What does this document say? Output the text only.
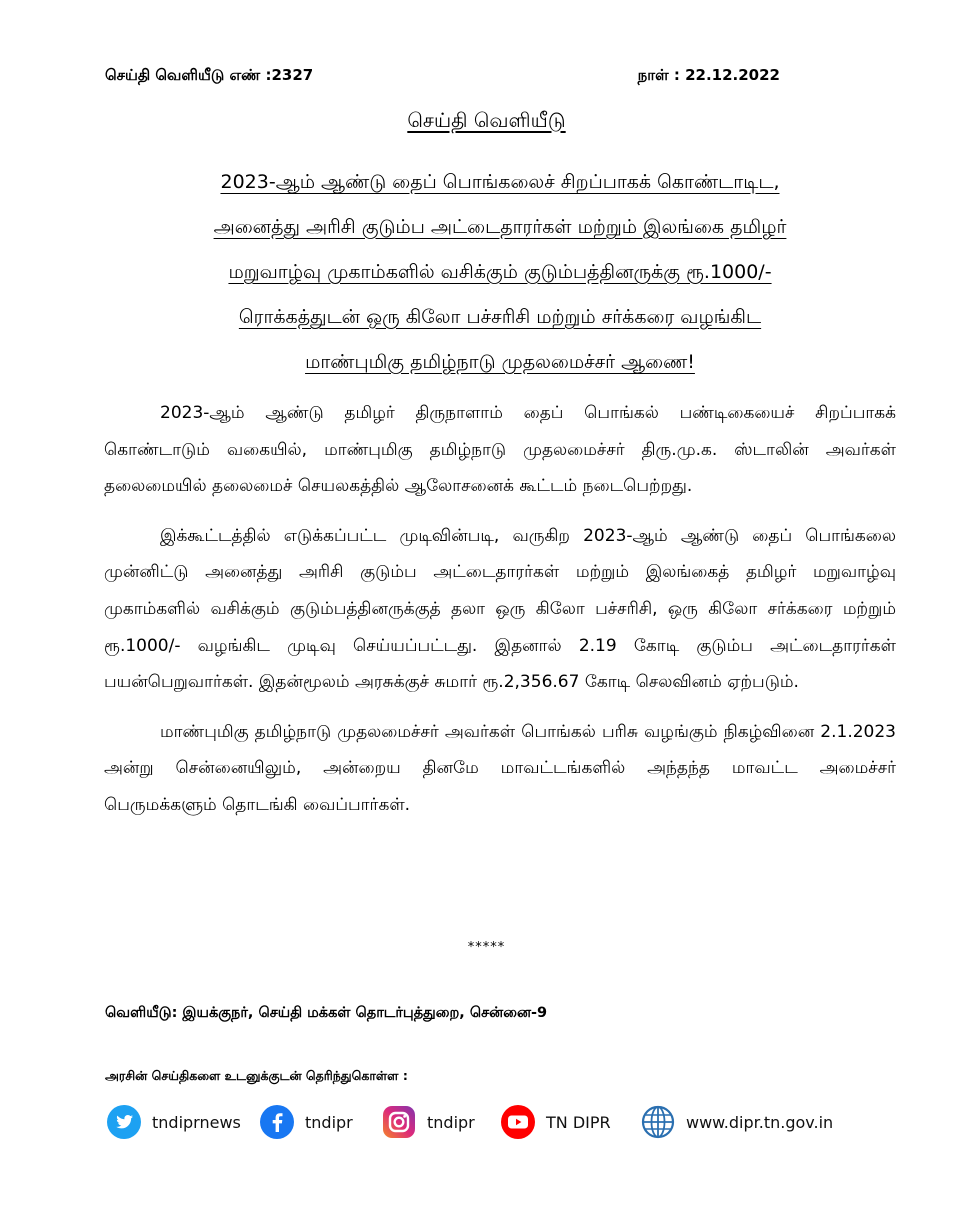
செய்தி வெளியீடு எண் :2327	நாள் : 22.12.2022
செய்தி வெளியீடு
2023-ஆம் ஆண்டு தைப் பொங்கலைச் சிறப்பாகக் கொண்டாடிட,
அனைத்து அரிசி குடும்ப அட்டைதாரர்கள் மற்றும் இலங்கை தமிழர்
மறுவாழ்வு முகாம்களில் வசிக்கும் குடும்பத்தினருக்கு ரூ.1000/-
ரொக்கத்துடன் ஒரு கிலோ பச்சரிசி மற்றும் சர்க்கரை வழங்கிட
மாண்புமிகு தமிழ்நாடு முதலமைச்சர் ஆணை!

2023-ஆம் ஆண்டு தமிழர் திருநாளாம் தைப் பொங்கல் பண்டிகையைச் சிறப்பாகக் கொண்டாடும் வகையில், மாண்புமிகு தமிழ்நாடு முதலமைச்சர் திரு.மு.க. ஸ்டாலின் அவர்கள் தலைமையில் தலைமைச் செயலகத்தில் ஆலோசனைக் கூட்டம் நடைபெற்றது.

இக்கூட்டத்தில் எடுக்கப்பட்ட முடிவின்படி, வருகிற 2023-ஆம் ஆண்டு தைப் பொங்கலை முன்னிட்டு அனைத்து அரிசி குடும்ப அட்டைதாரர்கள் மற்றும் இலங்கைத் தமிழர் மறுவாழ்வு முகாம்களில் வசிக்கும் குடும்பத்தினருக்குத் தலா ஒரு கிலோ பச்சரிசி, ஒரு கிலோ சர்க்கரை மற்றும் ரூ.1000/- வழங்கிட முடிவு செய்யப்பட்டது. இதனால் 2.19 கோடி குடும்ப அட்டைதாரர்கள் பயன்பெறுவார்கள். இதன்மூலம் அரசுக்குச் சுமார் ரூ.2,356.67 கோடி செலவினம் ஏற்படும்.

மாண்புமிகு தமிழ்நாடு முதலமைச்சர் அவர்கள் பொங்கல் பரிசு வழங்கும் நிகழ்வினை 2.1.2023 அன்று சென்னையிலும், அன்றைய தினமே மாவட்டங்களில் அந்தந்த மாவட்ட அமைச்சர் பெருமக்களும் தொடங்கி வைப்பார்கள்.

*****
வெளியீடு: இயக்குநர், செய்தி மக்கள் தொடர்புத்துறை, சென்னை-9
அரசின் செய்திகளை உடனுக்குடன் தெரிந்துகொள்ள :
tndiprnews	tndipr	tndipr	TN DIPR	www.dipr.tn.gov.in
